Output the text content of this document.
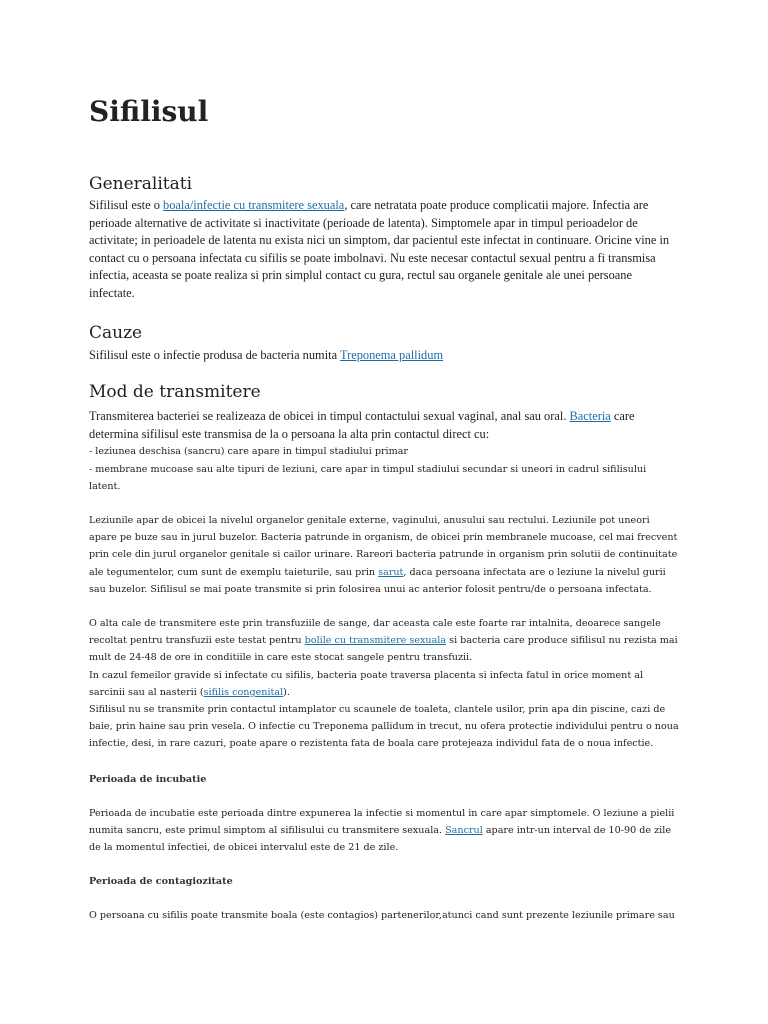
Sifilisul
Generalitati

Sifilisul este o boala/infectie cu transmitere sexuala, care netratata poate produce complicatii majore. Infectia are perioade alternative de activitate si inactivitate (perioade de latenta). Simptomele apar in timpul perioadelor de activitate; in perioadele de latenta nu exista nici un simptom, dar pacientul este infectat in continuare. Oricine vine in contact cu o persoana infectata cu sifilis se poate imbolnavi. Nu este necesar contactul sexual pentru a fi transmisa infectia, aceasta se poate realiza si prin simplul contact cu gura, rectul sau organele genitale ale unei persoane infectate.

Cauze

Sifilisul este o infectie produsa de bacteria numita Treponema pallidum

Mod de transmitere

Transmiterea bacteriei se realizeaza de obicei in timpul contactului sexual vaginal, anal sau oral. Bacteria care determina sifilisul este transmisa de la o persoana la alta prin contactul direct cu:

- leziunea deschisa (sancru) care apare in timpul stadiului primar

- membrane mucoase sau alte tipuri de leziuni, care apar in timpul stadiului secundar si uneori in cadrul sifilisului latent.

Leziunile apar de obicei la nivelul organelor genitale externe, vaginului, anusului sau rectului. Leziunile pot uneori apare pe buze sau in jurul buzelor. Bacteria patrunde in organism, de obicei prin membranele mucoase, cel mai frecvent prin cele din jurul organelor genitale si cailor urinare. Rareori bacteria patrunde in organism prin solutii de continuitate ale tegumentelor, cum sunt de exemplu taieturile, sau prin sarut, daca persoana infectata are o leziune la nivelul gurii sau buzelor. Sifilisul se mai poate transmite si prin folosirea unui ac anterior folosit pentru/de o persoana infectata.

O alta cale de transmitere este prin transfuziile de sange, dar aceasta cale este foarte rar intalnita, deoarece sangele recoltat pentru transfuzii este testat pentru bolile cu transmitere sexuala si bacteria care produce sifilisul nu rezista mai mult de 24-48 de ore in conditiile in care este stocat sangele pentru transfuzii.

In cazul femeilor gravide si infectate cu sifilis, bacteria poate traversa placenta si infecta fatul in orice moment al sarcinii sau al nasterii (sifilis congenital).

Sifilisul nu se transmite prin contactul intamplator cu scaunele de toaleta, clantele usilor, prin apa din piscine, cazi de baie, prin haine sau prin vesela. O infectie cu Treponema pallidum in trecut, nu ofera protectie individului pentru o noua infectie, desi, in rare cazuri, poate apare o rezistenta fata de boala care protejeaza individul fata de o noua infectie.

Perioada de incubatie

Perioada de incubatie este perioada dintre expunerea la infectie si momentul in care apar simptomele. O leziune a pielii numita sancru, este primul simptom al sifilisului cu transmitere sexuala. Sancrul apare intr-un interval de 10-90 de zile de la momentul infectiei, de obicei intervalul este de 21 de zile.

Perioada de contagiozitate

O persoana cu sifilis poate transmite boala (este contagios) partenerilor,atunci cand sunt prezente leziunile primare sau
